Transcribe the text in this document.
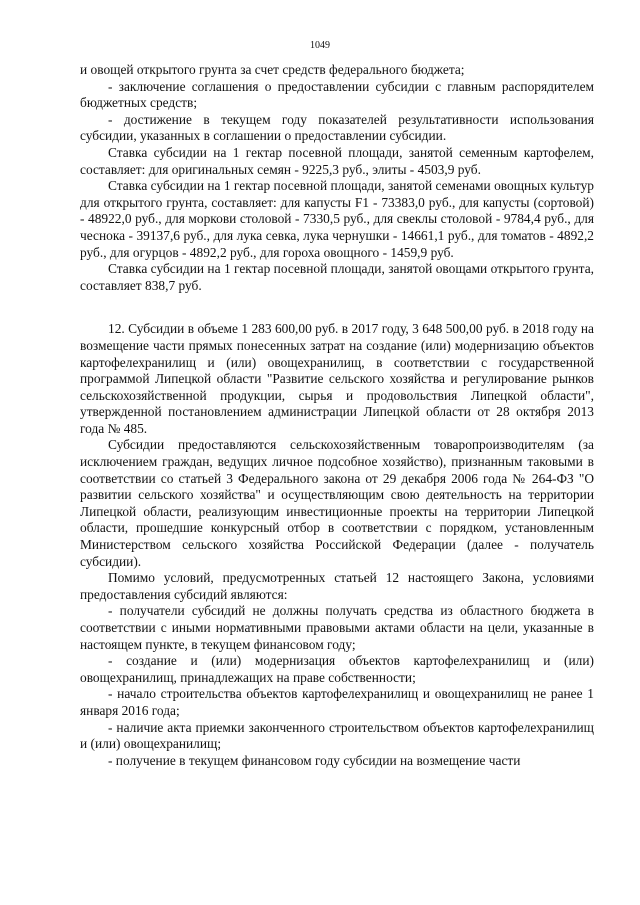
1049

и овощей открытого грунта за счет средств федерального бюджета;

- заключение соглашения о предоставлении субсидии с главным распорядителем бюджетных средств;

- достижение в текущем году показателей результативности использования субсидии, указанных в соглашении о предоставлении субсидии.

Ставка субсидии на 1 гектар посевной площади, занятой семенным картофелем, составляет: для оригинальных семян - 9225,3 руб., элиты - 4503,9 руб.

Ставка субсидии на 1 гектар посевной площади, занятой семенами овощных культур для открытого грунта, составляет: для капусты F1 - 73383,0 руб., для капусты (сортовой) - 48922,0 руб., для моркови столовой - 7330,5 руб., для свеклы столовой - 9784,4 руб., для чеснока - 39137,6 руб., для лука севка, лука чернушки - 14661,1 руб., для томатов - 4892,2 руб., для огурцов - 4892,2 руб., для гороха овощного - 1459,9 руб.

Ставка субсидии на 1 гектар посевной площади, занятой овощами открытого грунта, составляет 838,7 руб.

12. Субсидии в объеме 1 283 600,00 руб. в 2017 году, 3 648 500,00 руб. в 2018 году на возмещение части прямых понесенных затрат на создание (или) модернизацию объектов картофелехранилищ и (или) овощехранилищ, в соответствии с государственной программой Липецкой области "Развитие сельского хозяйства и регулирование рынков сельскохозяйственной продукции, сырья и продовольствия Липецкой области", утвержденной постановлением администрации Липецкой области от 28 октября 2013 года № 485.

Субсидии предоставляются сельскохозяйственным товаропроизводителям (за исключением граждан, ведущих личное подсобное хозяйство), признанным таковыми в соответствии со статьей 3 Федерального закона от 29 декабря 2006 года № 264-ФЗ "О развитии сельского хозяйства" и осуществляющим свою деятельность на территории Липецкой области, реализующим инвестиционные проекты на территории Липецкой области, прошедшие конкурсный отбор в соответствии с порядком, установленным Министерством сельского хозяйства Российской Федерации (далее - получатель субсидии).

Помимо условий, предусмотренных статьей 12 настоящего Закона, условиями предоставления субсидий являются:

- получатели субсидий не должны получать средства из областного бюджета в соответствии с иными нормативными правовыми актами области на цели, указанные в настоящем пункте, в текущем финансовом году;

- создание и (или) модернизация объектов картофелехранилищ и (или) овощехранилищ, принадлежащих на праве собственности;

- начало строительства объектов картофелехранилищ и овощехранилищ не ранее 1 января 2016 года;

- наличие акта приемки законченного строительством объектов картофелехранилищ и (или) овощехранилищ;

- получение в текущем финансовом году субсидии на возмещение части
